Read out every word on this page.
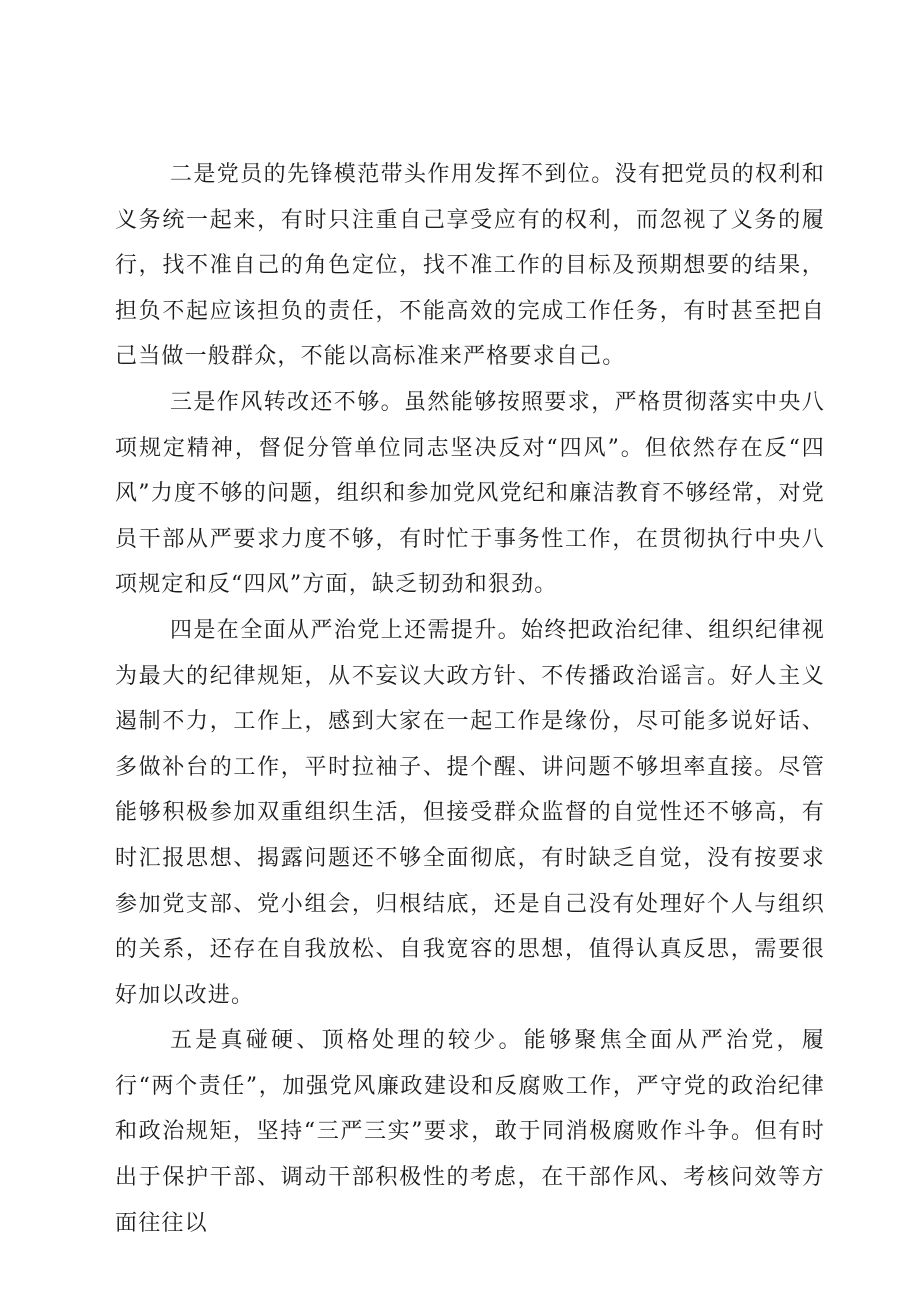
二是党员的先锋模范带头作用发挥不到位。没有把党员的权利和义务统一起来，有时只注重自己享受应有的权利，而忽视了义务的履行，找不准自己的角色定位，找不准工作的目标及预期想要的结果，担负不起应该担负的责任，不能高效的完成工作任务，有时甚至把自己当做一般群众，不能以高标准来严格要求自己。

三是作风转改还不够。虽然能够按照要求，严格贯彻落实中央八项规定精神，督促分管单位同志坚决反对“四风”。但依然存在反“四风”力度不够的问题，组织和参加党风党纪和廉洁教育不够经常，对党员干部从严要求力度不够，有时忙于事务性工作，在贯彻执行中央八项规定和反“四风”方面，缺乏韧劲和狠劲。

四是在全面从严治党上还需提升。始终把政治纪律、组织纪律视为最大的纪律规矩，从不妄议大政方针、不传播政治谣言。好人主义遏制不力，工作上，感到大家在一起工作是缘份，尽可能多说好话、多做补台的工作，平时拉袖子、提个醒、讲问题不够坦率直接。尽管能够积极参加双重组织生活，但接受群众监督的自觉性还不够高，有时汇报思想、揭露问题还不够全面彻底，有时缺乏自觉，没有按要求参加党支部、党小组会，归根结底，还是自己没有处理好个人与组织的关系，还存在自我放松、自我宽容的思想，值得认真反思，需要很好加以改进。

五是真碰硬、顶格处理的较少。能够聚焦全面从严治党，履行“两个责任”，加强党风廉政建设和反腐败工作，严守党的政治纪律和政治规矩，坚持“三严三实”要求，敢于同消极腐败作斗争。但有时出于保护干部、调动干部积极性的考虑，在干部作风、考核问效等方面往往以
